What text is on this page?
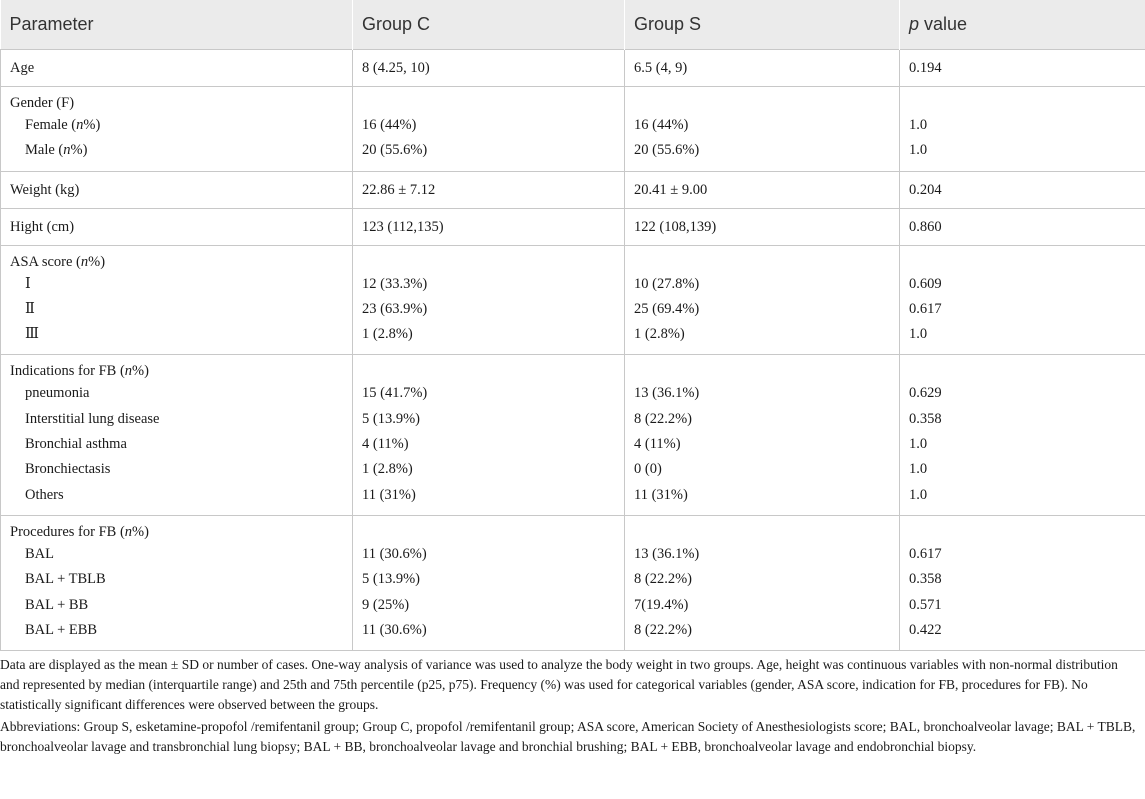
Parameter	Group C	Group S	p value
Age	8 (4.25, 10)	6.5 (4, 9)	0.194
Gender (F)			
Female (n%)	16 (44%)	16 (44%)	1.0
Male (n%)	20 (55.6%)	20 (55.6%)	1.0
Weight (kg)	22.86 ± 7.12	20.41 ± 9.00	0.204
Hight (cm)	123 (112,135)	122 (108,139)	0.860
ASA score (n%)			
Ⅰ	12 (33.3%)	10 (27.8%)	0.609
Ⅱ	23 (63.9%)	25 (69.4%)	0.617
Ⅲ	1 (2.8%)	1 (2.8%)	1.0
Indications for FB (n%)			
pneumonia	15 (41.7%)	13 (36.1%)	0.629
Interstitial lung disease	5 (13.9%)	8 (22.2%)	0.358
Bronchial asthma	4 (11%)	4 (11%)	1.0
Bronchiectasis	1 (2.8%)	0 (0)	1.0
Others	11 (31%)	11 (31%)	1.0
Procedures for FB (n%)			
BAL	11 (30.6%)	13 (36.1%)	0.617
BAL + TBLB	5 (13.9%)	8 (22.2%)	0.358
BAL + BB	9 (25%)	7(19.4%)	0.571
BAL + EBB	11 (30.6%)	8 (22.2%)	0.422

Data are displayed as the mean ± SD or number of cases. One-way analysis of variance was used to analyze the body weight in two groups. Age, height was continuous variables with non-normal distribution and represented by median (interquartile range) and 25th and 75th percentile (p25, p75). Frequency (%) was used for categorical variables (gender, ASA score, indication for FB, procedures for FB). No statistically significant differences were observed between the groups.

Abbreviations: Group S, esketamine-propofol /remifentanil group; Group C, propofol /remifentanil group; ASA score, American Society of Anesthesiologists score; BAL, bronchoalveolar lavage; BAL + TBLB, bronchoalveolar lavage and transbronchial lung biopsy; BAL + BB, bronchoalveolar lavage and bronchial brushing; BAL + EBB, bronchoalveolar lavage and endobronchial biopsy.
